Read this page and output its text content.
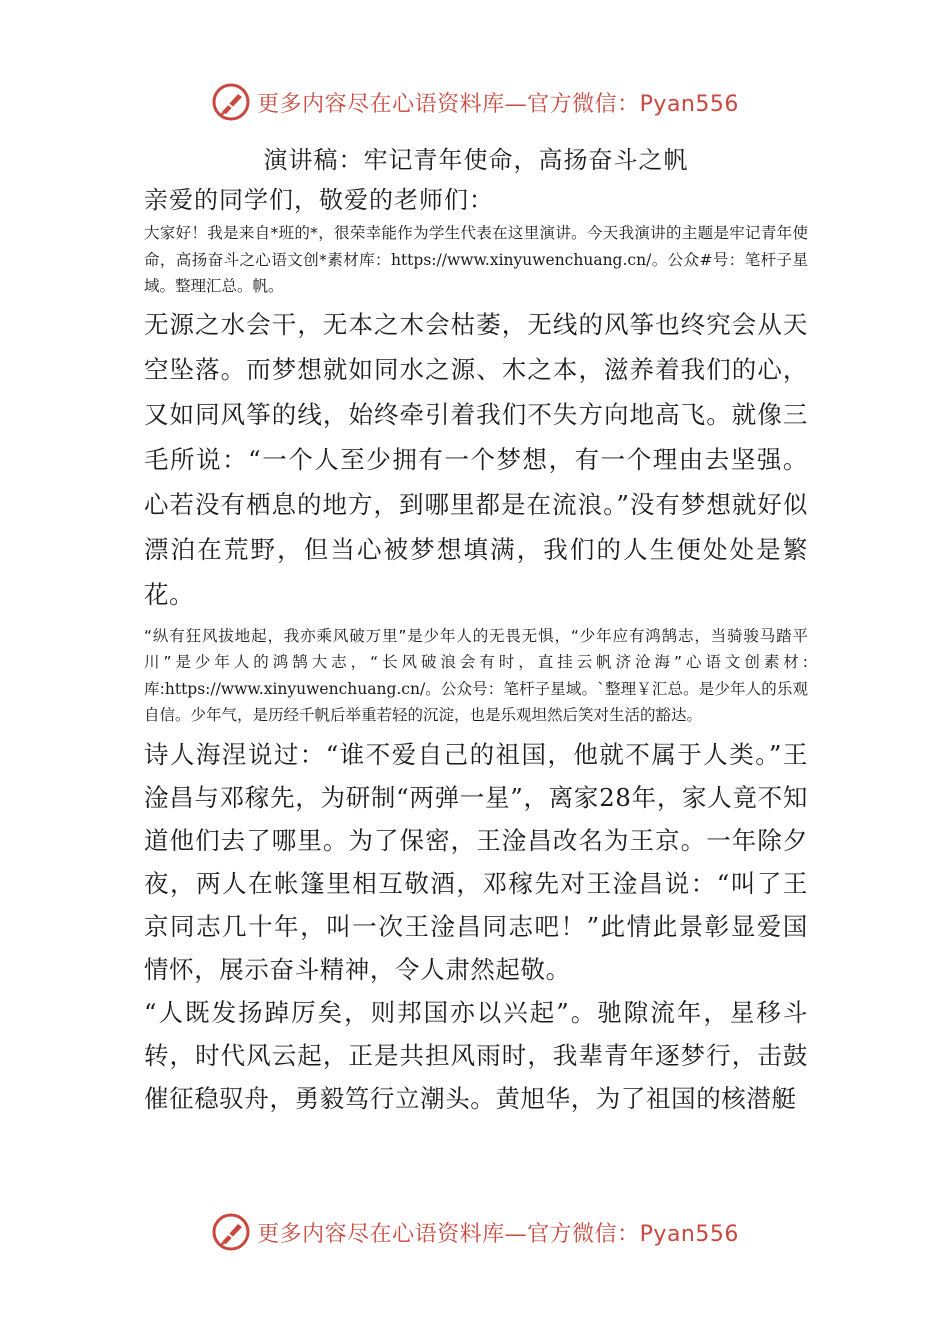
更多内容尽在心语资料库—官方微信：Pyan556
演讲稿：牢记青年使命，高扬奋斗之帆

亲爱的同学们，敬爱的老师们：

大家好！我是来自*班的*，很荣幸能作为学生代表在这里演讲。今天我演讲的主题是牢记青年使命，高扬奋斗之心语文创*素材库：https://www.xinyuwenchuang.cn/。公众#号：笔杆子星域。整理汇总。帆。

无源之水会干，无本之木会枯萎，无线的风筝也终究会从天空坠落。而梦想就如同水之源、木之本，滋养着我们的心，又如同风筝的线，始终牵引着我们不失方向地高飞。就像三毛所说：“一个人至少拥有一个梦想，有一个理由去坚强。心若没有栖息的地方，到哪里都是在流浪。”没有梦想就好似漂泊在荒野，但当心被梦想填满，我们的人生便处处是繁花。

“纵有狂风拔地起，我亦乘风破万里”是少年人的无畏无惧，“少年应有鸿鹄志，当骑骏马踏平川”是少年人的鸿鹄大志，“长风破浪会有时，直挂云帆济沧海”心语文创素材:库:https://www.xinyuwenchuang.cn/。公众号：笔杆子星域。`整理￥汇总。是少年人的乐观自信。少年气，是历经千帆后举重若轻的沉淀，也是乐观坦然后笑对生活的豁达。

诗人海涅说过：“谁不爱自己的祖国，他就不属于人类。”王淦昌与邓稼先，为研制“两弹一星”，离家28年，家人竟不知道他们去了哪里。为了保密，王淦昌改名为王京。一年除夕夜，两人在帐篷里相互敬酒，邓稼先对王淦昌说：“叫了王京同志几十年，叫一次王淦昌同志吧！”此情此景彰显爱国情怀，展示奋斗精神，令人肃然起敬。

“人既发扬踔厉矣，则邦国亦以兴起”。驰隙流年，星移斗转，时代风云起，正是共担风雨时，我辈青年逐梦行，击鼓催征稳驭舟，勇毅笃行立潮头。黄旭华，为了祖国的核潜艇

更多内容尽在心语资料库—官方微信：Pyan556
